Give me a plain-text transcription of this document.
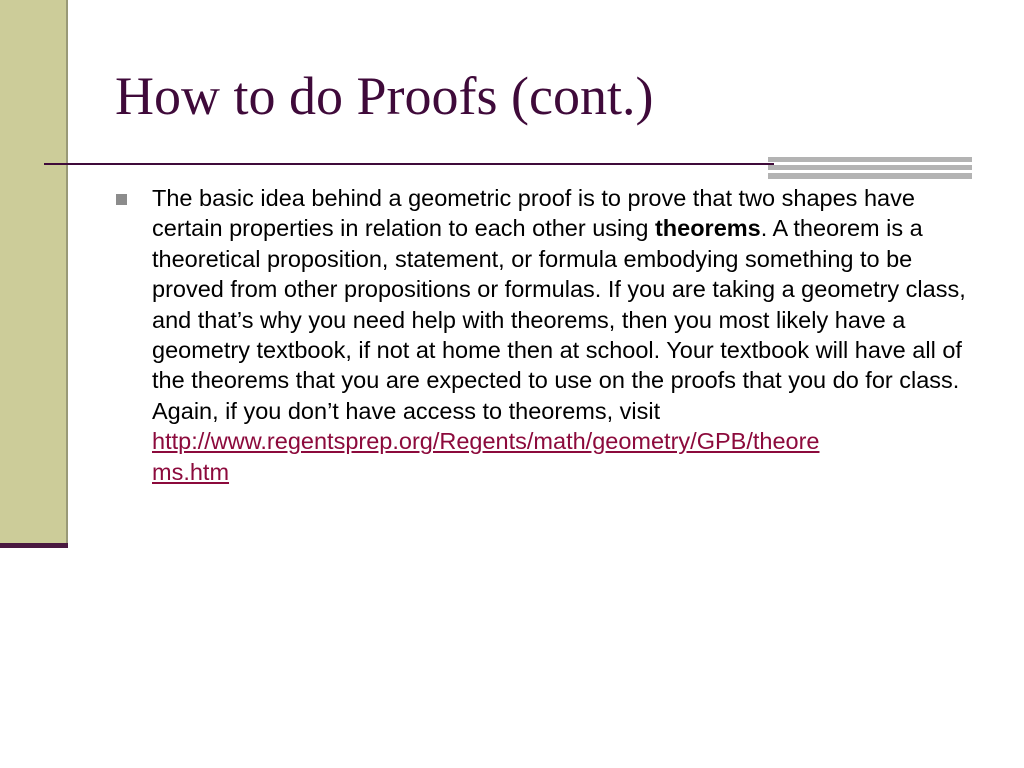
How to do Proofs (cont.)

The basic idea behind a geometric proof is to prove that two shapes have certain properties in relation to each other using theorems. A theorem is a theoretical proposition, statement, or formula embodying something to be proved from other propositions or formulas. If you are taking a geometry class, and that’s why you need help with theorems, then you most likely have a geometry textbook, if not at home then at school. Your textbook will have all of the theorems that you are expected to use on the proofs that you do for class. Again, if you don’t have access to theorems, visit http://www.regentsprep.org/Regents/math/geometry/GPB/theore
ms.htm
